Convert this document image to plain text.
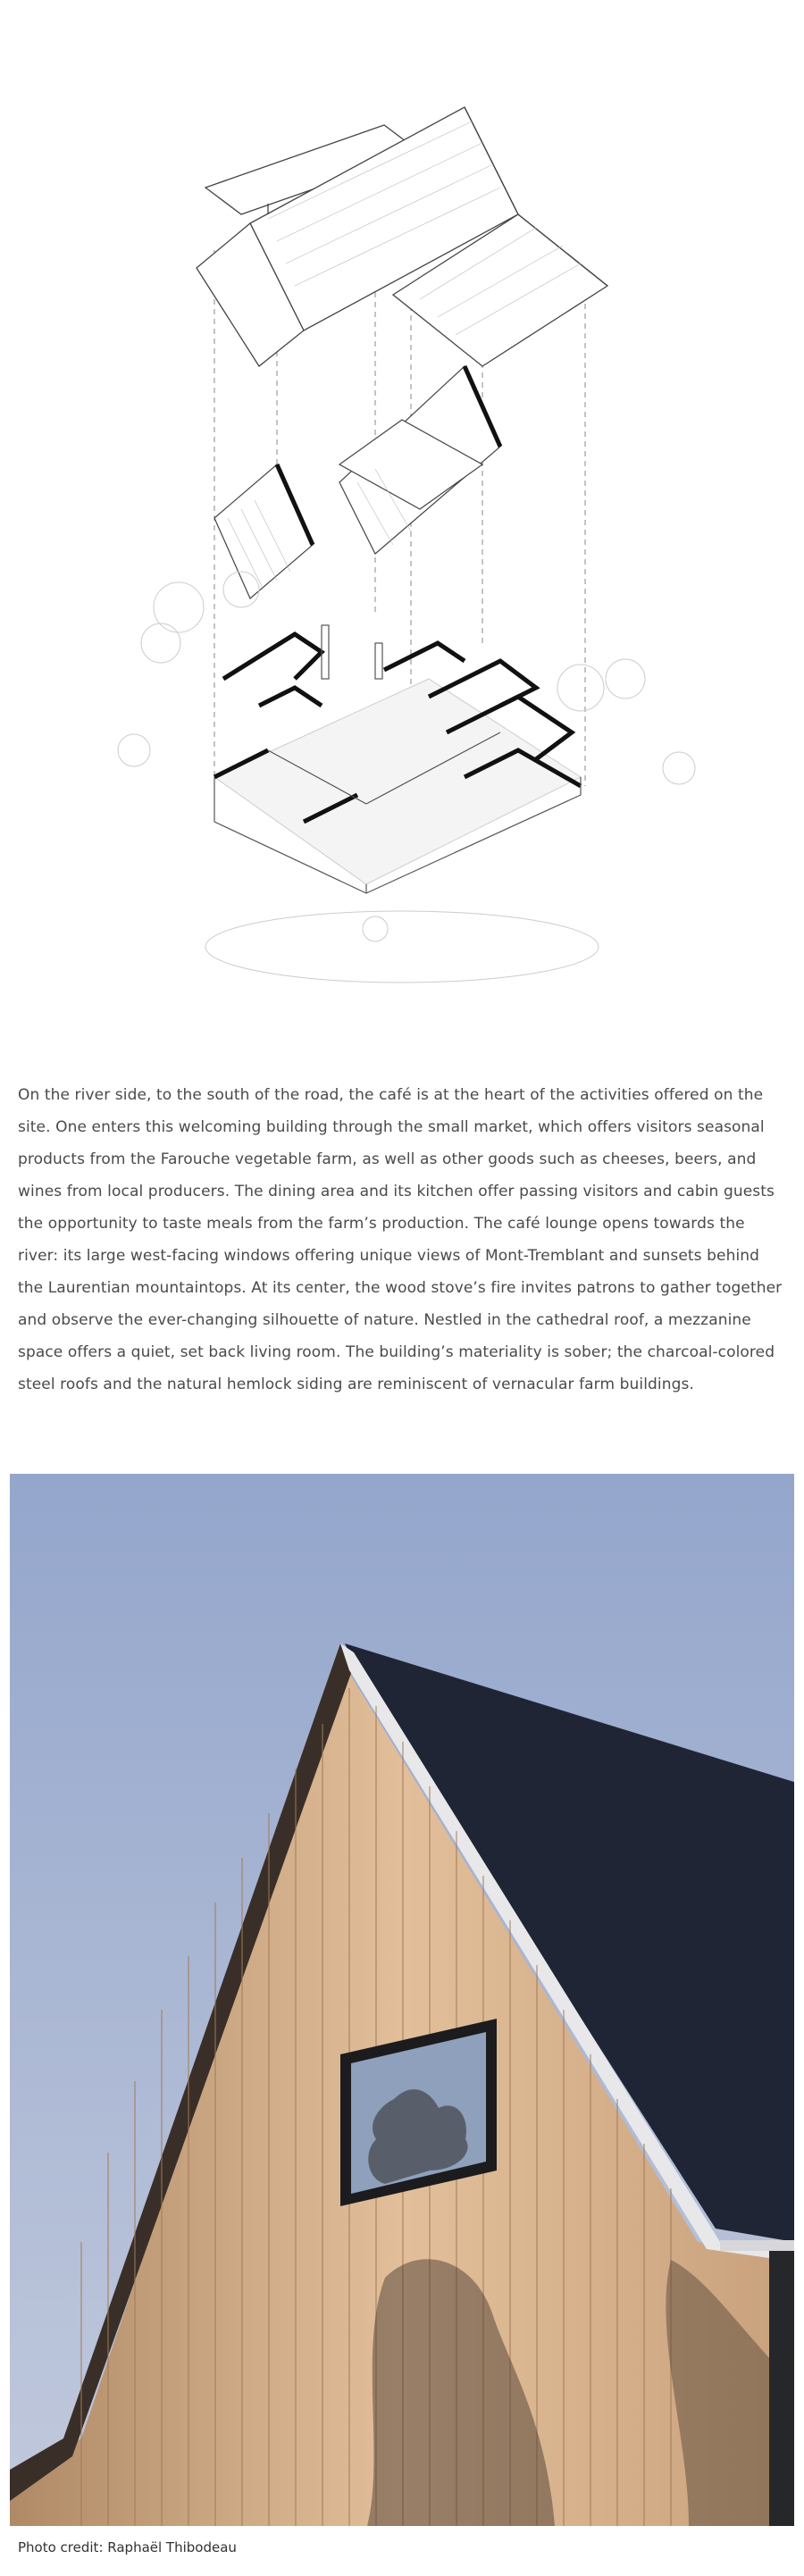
On the river side, to the south of the road, the café is at the heart of the activities offered on the site. One enters this welcoming building through the small market, which offers visitors seasonal products from the Farouche vegetable farm, as well as other goods such as cheeses, beers, and wines from local producers. The dining area and its kitchen offer passing visitors and cabin guests the opportunity to taste meals from the farm’s production. The café lounge opens towards the river: its large west-facing windows offering unique views of Mont-Tremblant and sunsets behind the Laurentian mountaintops. At its center, the wood stove’s fire invites patrons to gather together and observe the ever-changing silhouette of nature. Nestled in the cathedral roof, a mezzanine space offers a quiet, set back living room. The building’s materiality is sober; the charcoal-colored steel roofs and the natural hemlock siding are reminiscent of vernacular farm buildings.
Photo credit: Raphaël Thibodeau
